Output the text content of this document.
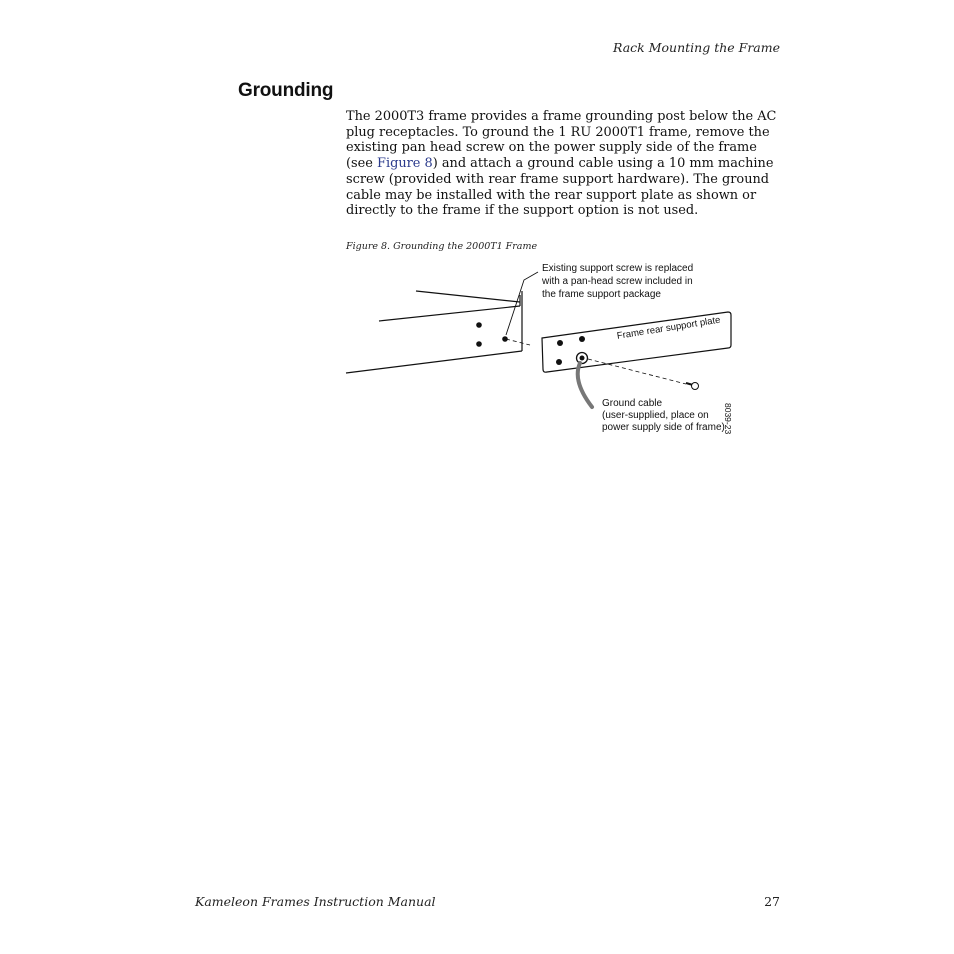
Rack Mounting the Frame
Grounding
The 2000T3 frame provides a frame grounding post below the AC plug receptacles. To ground the 1 RU 2000T1 frame, remove the existing pan head screw on the power supply side of the frame (see Figure 8) and attach a ground cable using a 10 mm machine screw (provided with rear frame support hardware). The ground cable may be installed with the rear support plate as shown or directly to the frame if the support option is not used.
Figure 8. Grounding the 2000T1 Frame
Existing support screw is replaced
with a pan-head screw included in
the frame support package
Frame rear support plate
Ground cable
(user-supplied, place on
power supply side of frame)
8039-23
Kameleon Frames Instruction Manual	27
